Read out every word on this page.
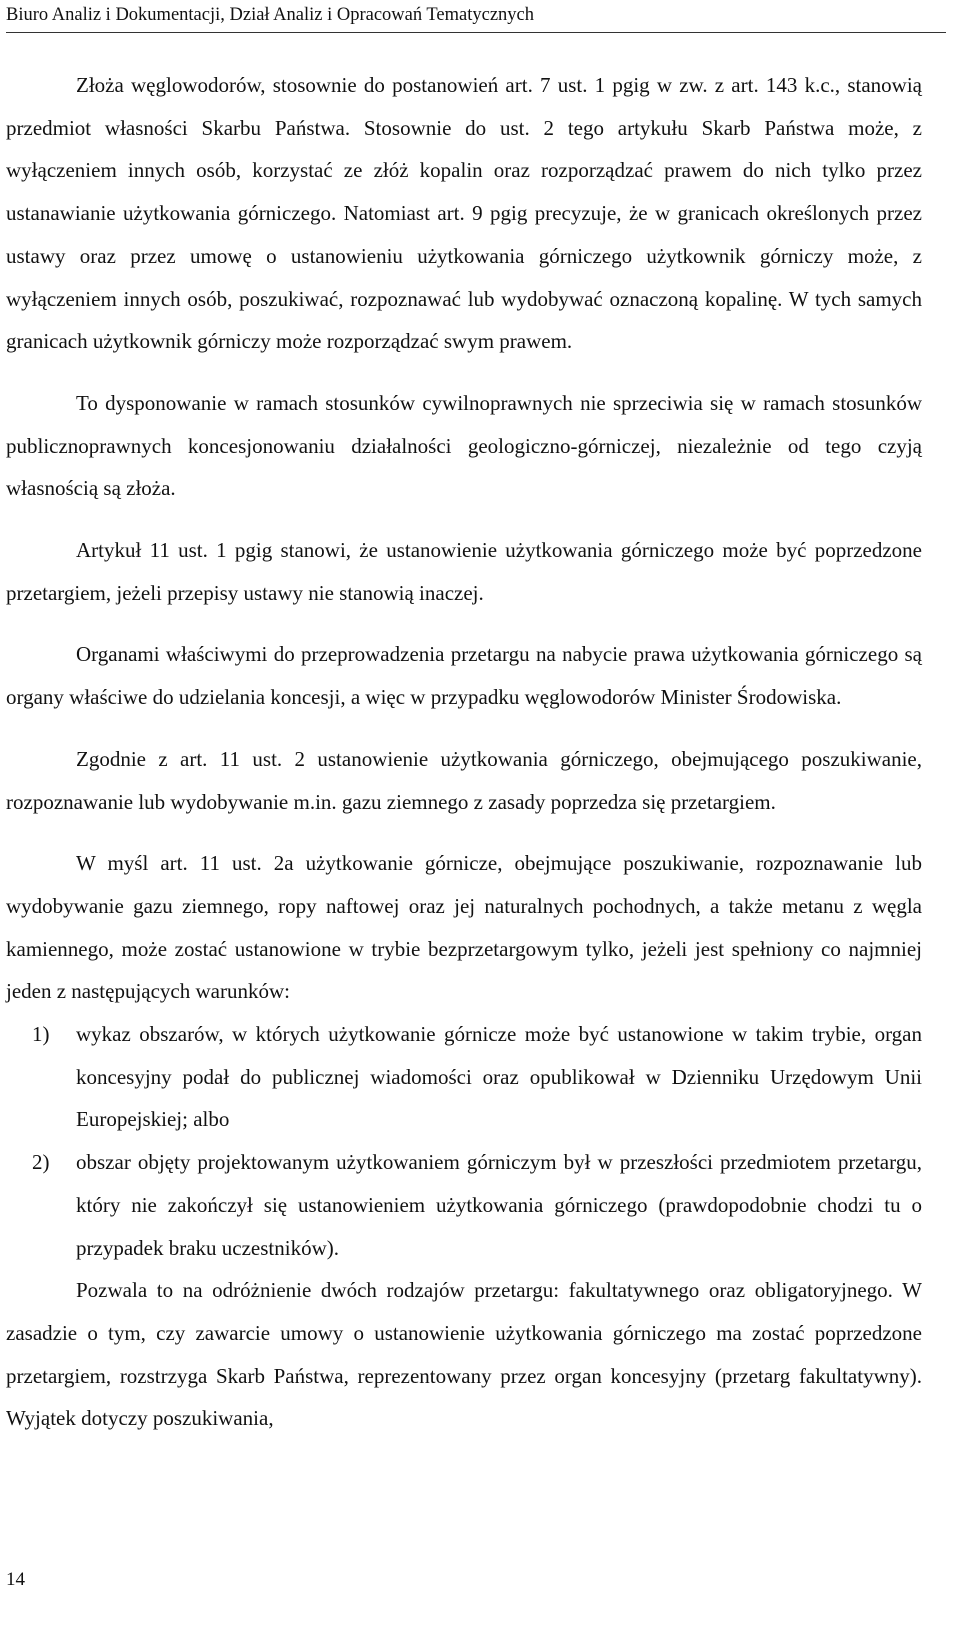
Biuro Analiz i Dokumentacji, Dział Analiz i Opracowań Tematycznych

Złoża węglowodorów, stosownie do postanowień art. 7 ust. 1 pgig w zw. z art. 143 k.c., stanowią przedmiot własności Skarbu Państwa. Stosownie do ust. 2 tego artykułu Skarb Państwa może, z wyłączeniem innych osób, korzystać ze złóż kopalin oraz rozporządzać prawem do nich tylko przez ustanawianie użytkowania górniczego. Natomiast art. 9 pgig precyzuje, że w granicach określonych przez ustawy oraz przez umowę o ustanowieniu użytkowania górniczego użytkownik górniczy może, z wyłączeniem innych osób, poszukiwać, rozpoznawać lub wydobywać oznaczoną kopalinę. W tych samych granicach użytkownik górniczy może rozporządzać swym prawem.

To dysponowanie w ramach stosunków cywilnoprawnych nie sprzeciwia się w ramach stosunków publicznoprawnych koncesjonowaniu działalności geologiczno-górniczej, niezależnie od tego czyją własnością są złoża.

Artykuł 11 ust. 1 pgig stanowi, że ustanowienie użytkowania górniczego może być poprzedzone przetargiem, jeżeli przepisy ustawy nie stanowią inaczej.

Organami właściwymi do przeprowadzenia przetargu na nabycie prawa użytkowania górniczego są organy właściwe do udzielania koncesji, a więc w przypadku węglowodorów Minister Środowiska.

Zgodnie z art. 11 ust. 2 ustanowienie użytkowania górniczego, obejmującego poszukiwanie, rozpoznawanie lub wydobywanie m.in. gazu ziemnego z zasady poprzedza się przetargiem.

W myśl art. 11 ust. 2a użytkowanie górnicze, obejmujące poszukiwanie, rozpoznawanie lub wydobywanie gazu ziemnego, ropy naftowej oraz jej naturalnych pochodnych, a także metanu z węgla kamiennego, może zostać ustanowione w trybie bezprzetargowym tylko, jeżeli jest spełniony co najmniej jeden z następujących warunków:

1) wykaz obszarów, w których użytkowanie górnicze może być ustanowione w takim trybie, organ koncesyjny podał do publicznej wiadomości oraz opublikował w Dzienniku Urzędowym Unii Europejskiej; albo
2) obszar objęty projektowanym użytkowaniem górniczym był w przeszłości przedmiotem przetargu, który nie zakończył się ustanowieniem użytkowania górniczego (prawdopodobnie chodzi tu o przypadek braku uczestników).

Pozwala to na odróżnienie dwóch rodzajów przetargu: fakultatywnego oraz obligatoryjnego. W zasadzie o tym, czy zawarcie umowy o ustanowienie użytkowania górniczego ma zostać poprzedzone przetargiem, rozstrzyga Skarb Państwa, reprezentowany przez organ koncesyjny (przetarg fakultatywny). Wyjątek dotyczy poszukiwania,

14
